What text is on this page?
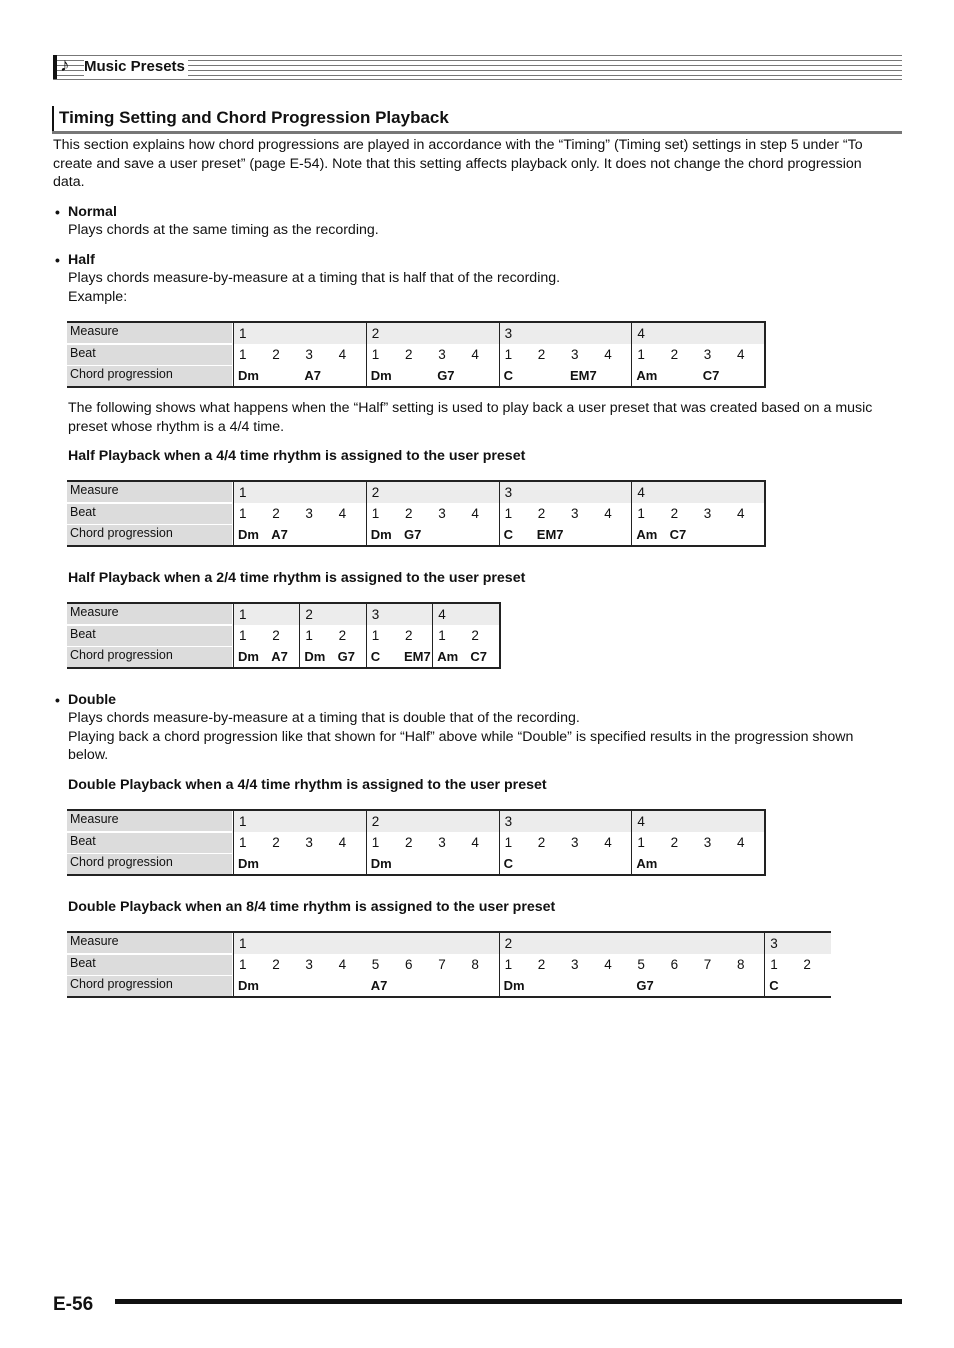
♪ Music Presets
Timing Setting and Chord Progression Playback
This section explains how chord progressions are played in accordance with the “Timing” (Timing set) settings in step 5 under “To
create and save a user preset” (page E-54). Note that this setting affects playback only. It does not change the chord progression
data.
• Normal
Plays chords at the same timing as the recording.
• Half
Plays chords measure-by-measure at a timing that is half that of the recording.
Example:
Measure
Beat
Chord progression
1
1
Dm
2 3
A7
4
2
1
Dm
2 3
G7
4
3
1
C
2 3
EM7
4
4
1
Am
2 3
C7
4
The following shows what happens when the “Half” setting is used to play back a user preset that was created based on a music
preset whose rhythm is a 4/4 time.
Half Playback when a 4/4 time rhythm is assigned to the user preset
Measure
Beat
Chord progression
1
1
Dm
2
A7
3 4
2
1
Dm
2
G7
3 4
3
1
C
2
EM7
3 4
4
1
Am
2
C7
3 4
Half Playback when a 2/4 time rhythm is assigned to the user preset
Measure
Beat
Chord progression
1
1
Dm
2
A7
2
1
Dm
2
G7
3
1
C
2
EM7
4
1
Am
2
C7
• Double
Plays chords measure-by-measure at a timing that is double that of the recording.
Playing back a chord progression like that shown for “Half” above while “Double” is specified results in the progression shown
below.
Double Playback when a 4/4 time rhythm is assigned to the user preset
Measure
Beat
Chord progression
1
1
Dm
2 3 4
2
1
Dm
2 3 4
3
1
C
2 3 4
4
1
Am
2 3 4
Double Playback when an 8/4 time rhythm is assigned to the user preset
Measure
Beat
Chord progression
1
1
Dm
2 3 4 5
A7
6 7 8
2
1
Dm
2 3 4 5
G7
6 7 8
3
1
C
2
E-56
